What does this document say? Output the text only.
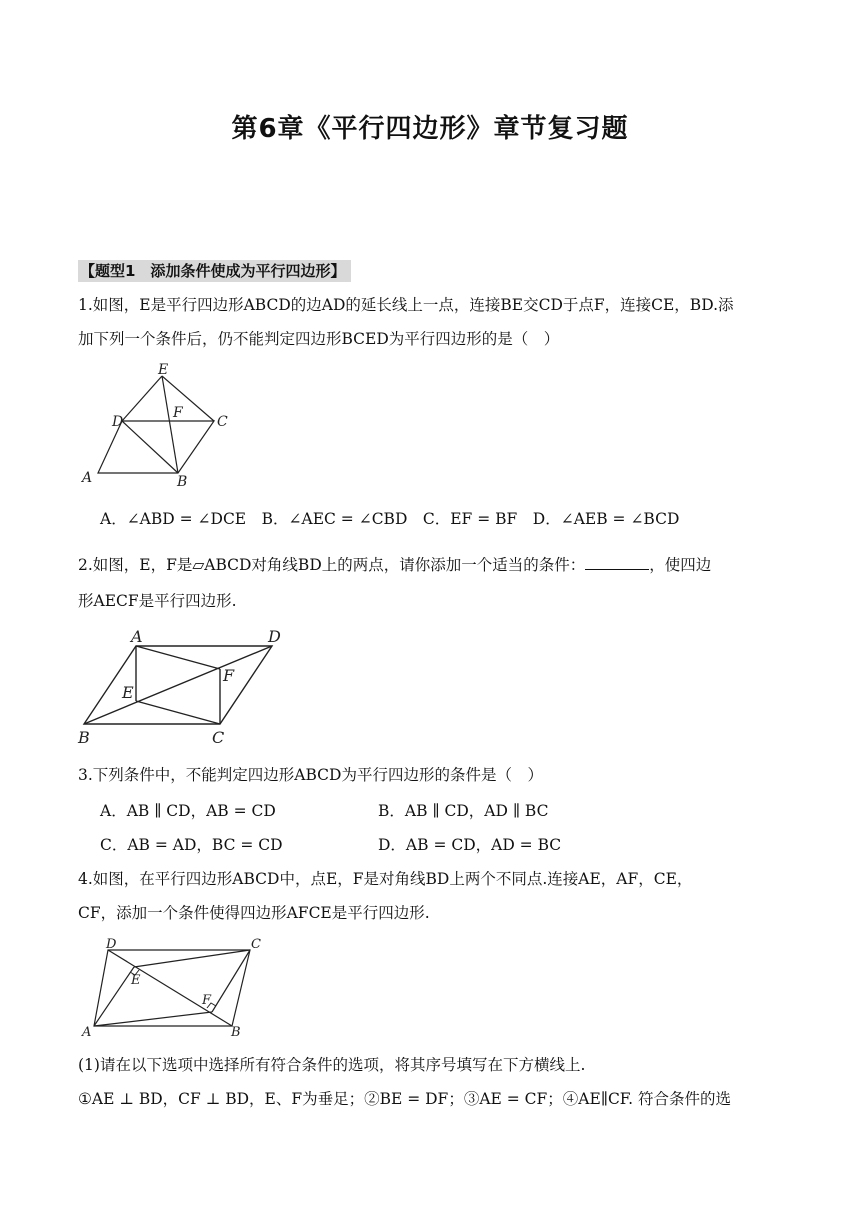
第6章《平行四边形》章节复习题
【题型1　添加条件使成为平行四边形】
1.如图，E是平行四边形ABCD的边AD的延长线上一点，连接BE交CD于点F，连接CE，BD.添
加下列一个条件后，仍不能判定四边形BCED为平行四边形的是（　）
E
D
F
C
A	B
A．∠ABD = ∠DCE　B．∠AEC = ∠CBD　C．EF = BF　D．∠AEB = ∠BCD
2.如图，E，F是▱ABCD对角线BD上的两点，请你添加一个适当的条件：	，使四边
形AECF是平行四边形.
A	D
E
F
B	C
3.下列条件中，不能判定四边形ABCD为平行四边形的条件是（　）
A．AB ∥ CD，AB = CD	B．AB ∥ CD，AD ∥ BC
C．AB = AD，BC = CD	D．AB = CD，AD = BC
4.如图，在平行四边形ABCD中，点E，F是对角线BD上两个不同点.连接AE，AF，CE，
CF，添加一个条件使得四边形AFCE是平行四边形.
D	C
E
F
A	B
(1)请在以下选项中选择所有符合条件的选项，将其序号填写在下方横线上.
①AE ⊥ BD，CF ⊥ BD，E、F为垂足；②BE = DF；③AE = CF；④AE∥CF. 符合条件的选
